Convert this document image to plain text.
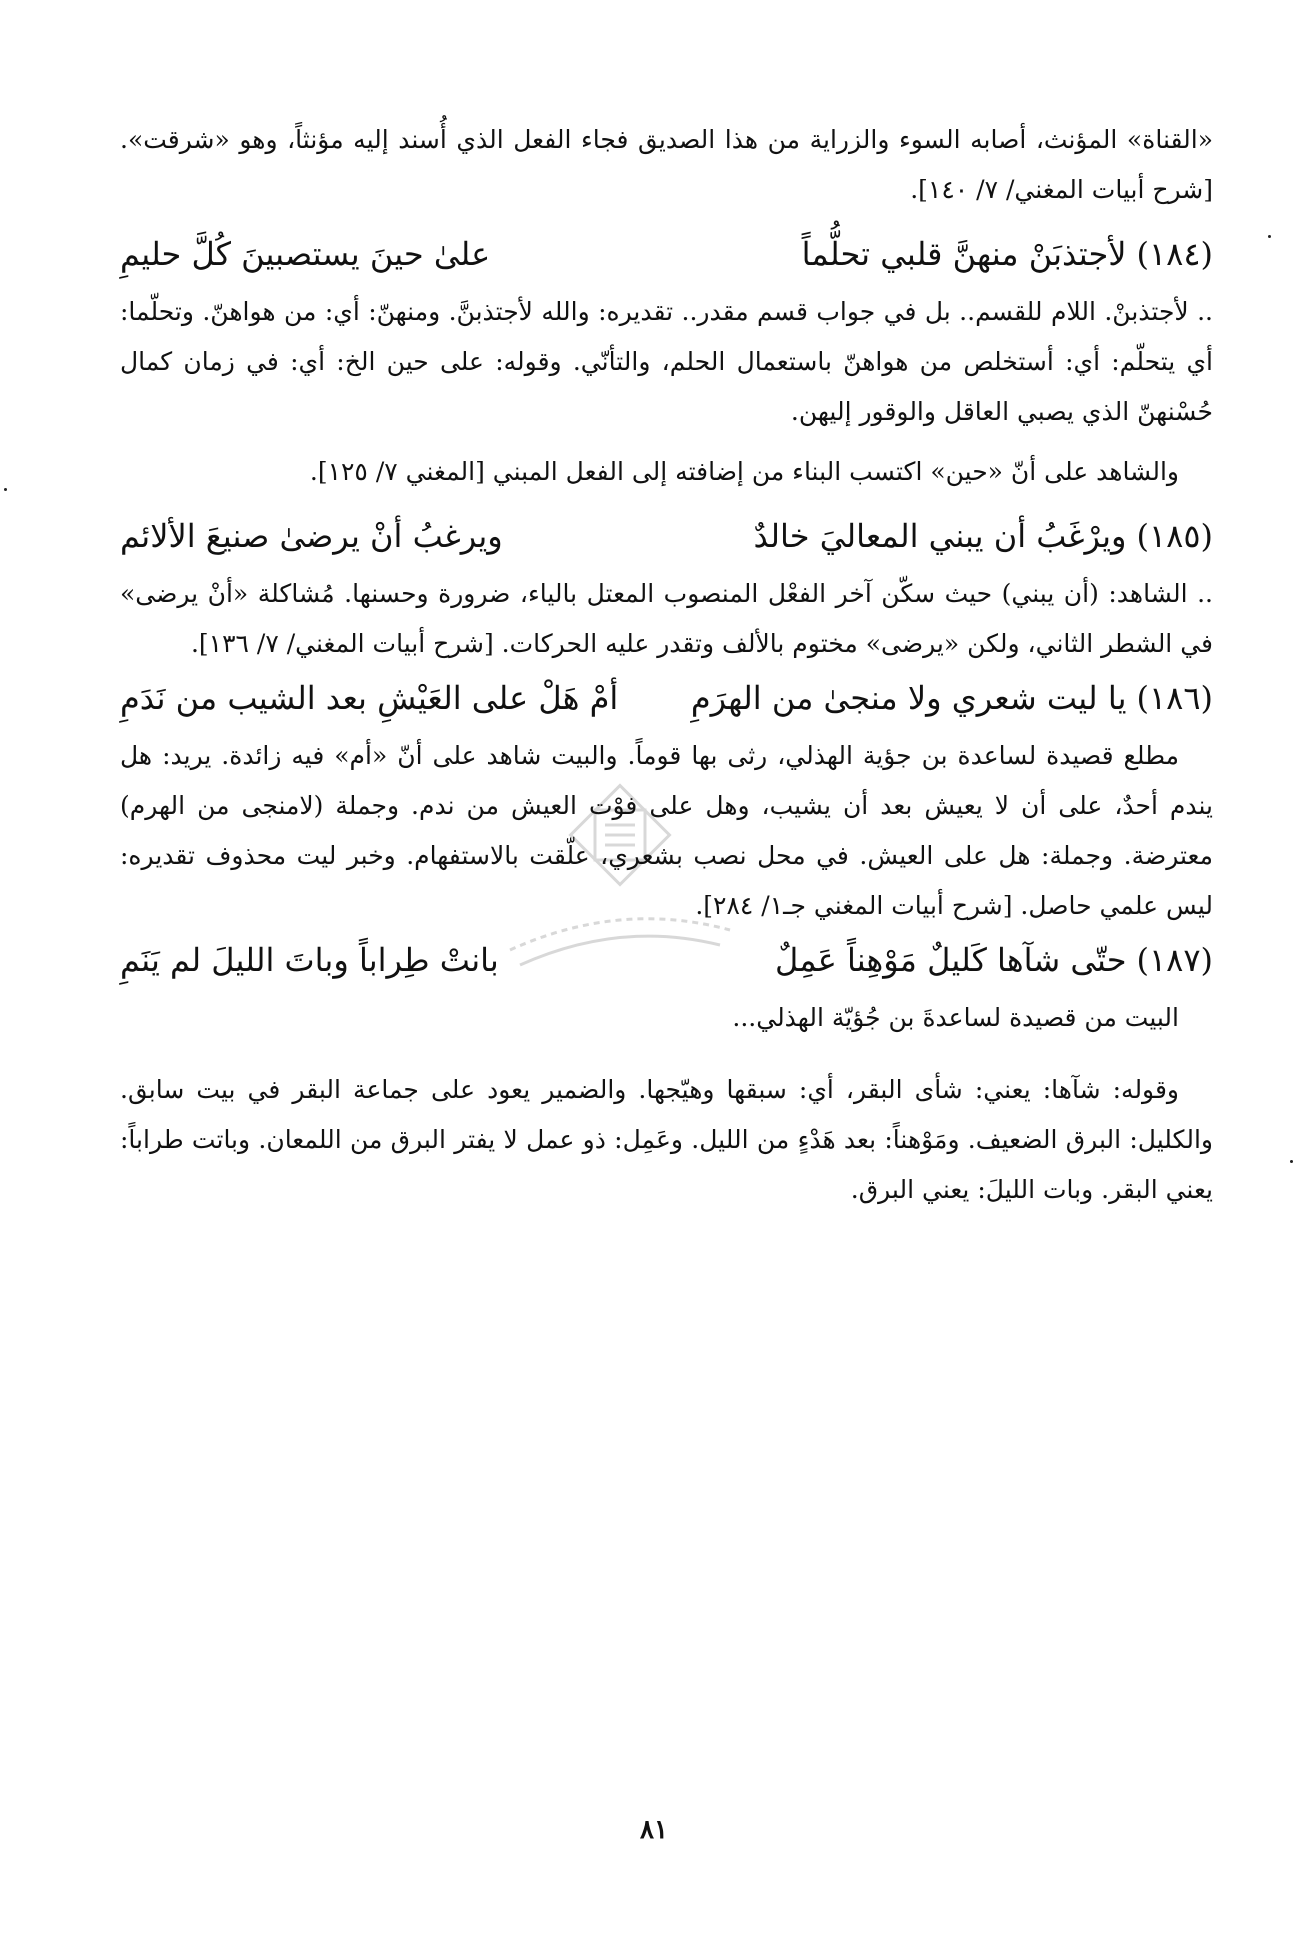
«القناة» المؤنث، أصابه السوء والزراية من هذا الصديق فجاء الفعل الذي أُسند إليه مؤنثاً، وهو «شرقت». [شرح أبيات المغني/ ٧/ ١٤٠].

(١٨٤)
لأجتذبَنْ منهنَّ قلبي تحلُّماً
علىٰ حينَ يستصبينَ كُلَّ حليمِ

.. لأجتذبنْ. اللام للقسم.. بل في جواب قسم مقدر.. تقديره: والله لأجتذبنَّ. ومنهنّ: أي: من هواهنّ. وتحلّما: أي يتحلّم: أي: أستخلص من هواهنّ باستعمال الحلم، والتأنّي. وقوله: على حين الخ: أي: في زمان كمال حُسْنهنّ الذي يصبي العاقل والوقور إليهن.

والشاهد على أنّ «حين» اكتسب البناء من إضافته إلى الفعل المبني [المغني ٧/ ١٢٥].

(١٨٥)
ويرْغَبُ أن يبني المعاليَ خالدٌ
ويرغبُ أنْ يرضىٰ صنيعَ الألائم

.. الشاهد: (أن يبني) حيث سكّن آخر الفعْل المنصوب المعتل بالياء، ضرورة وحسنها. مُشاكلة «أنْ يرضى» في الشطر الثاني، ولكن «يرضى» مختوم بالألف وتقدر عليه الحركات. [شرح أبيات المغني/ ٧/ ١٣٦].

(١٨٦)
يا ليت شعري ولا منجىٰ من الهرَمِ
أمْ هَلْ على العَيْشِ بعد الشيب من نَدَمِ

مطلع قصيدة لساعدة بن جؤية الهذلي، رثى بها قوماً. والبيت شاهد على أنّ «أم» فيه زائدة. يريد: هل يندم أحدٌ، على أن لا يعيش بعد أن يشيب، وهل على فوْت العيش من ندم. وجملة (لامنجى من الهرم) معترضة. وجملة: هل على العيش. في محل نصب بشعري، علّقت بالاستفهام. وخبر ليت محذوف تقديره: ليس علمي حاصل. [شرح أبيات المغني جـ١/ ٢٨٤].

(١٨٧)
حتّى شآها كَليلٌ مَوْهِناً عَمِلٌ
بانتْ طِراباً وباتَ الليلَ لم يَنَمِ

البيت من قصيدة لساعدةَ بن جُؤيّة الهذلي...

وقوله: شآها: يعني: شأى البقر، أي: سبقها وهيّجها. والضمير يعود على جماعة البقر في بيت سابق. والكليل: البرق الضعيف. ومَوْهناً: بعد هَدْءٍ من الليل. وعَمِل: ذو عمل لا يفتر البرق من اللمعان. وباتت طراباً: يعني البقر. وبات الليلَ: يعني البرق.

٨١
